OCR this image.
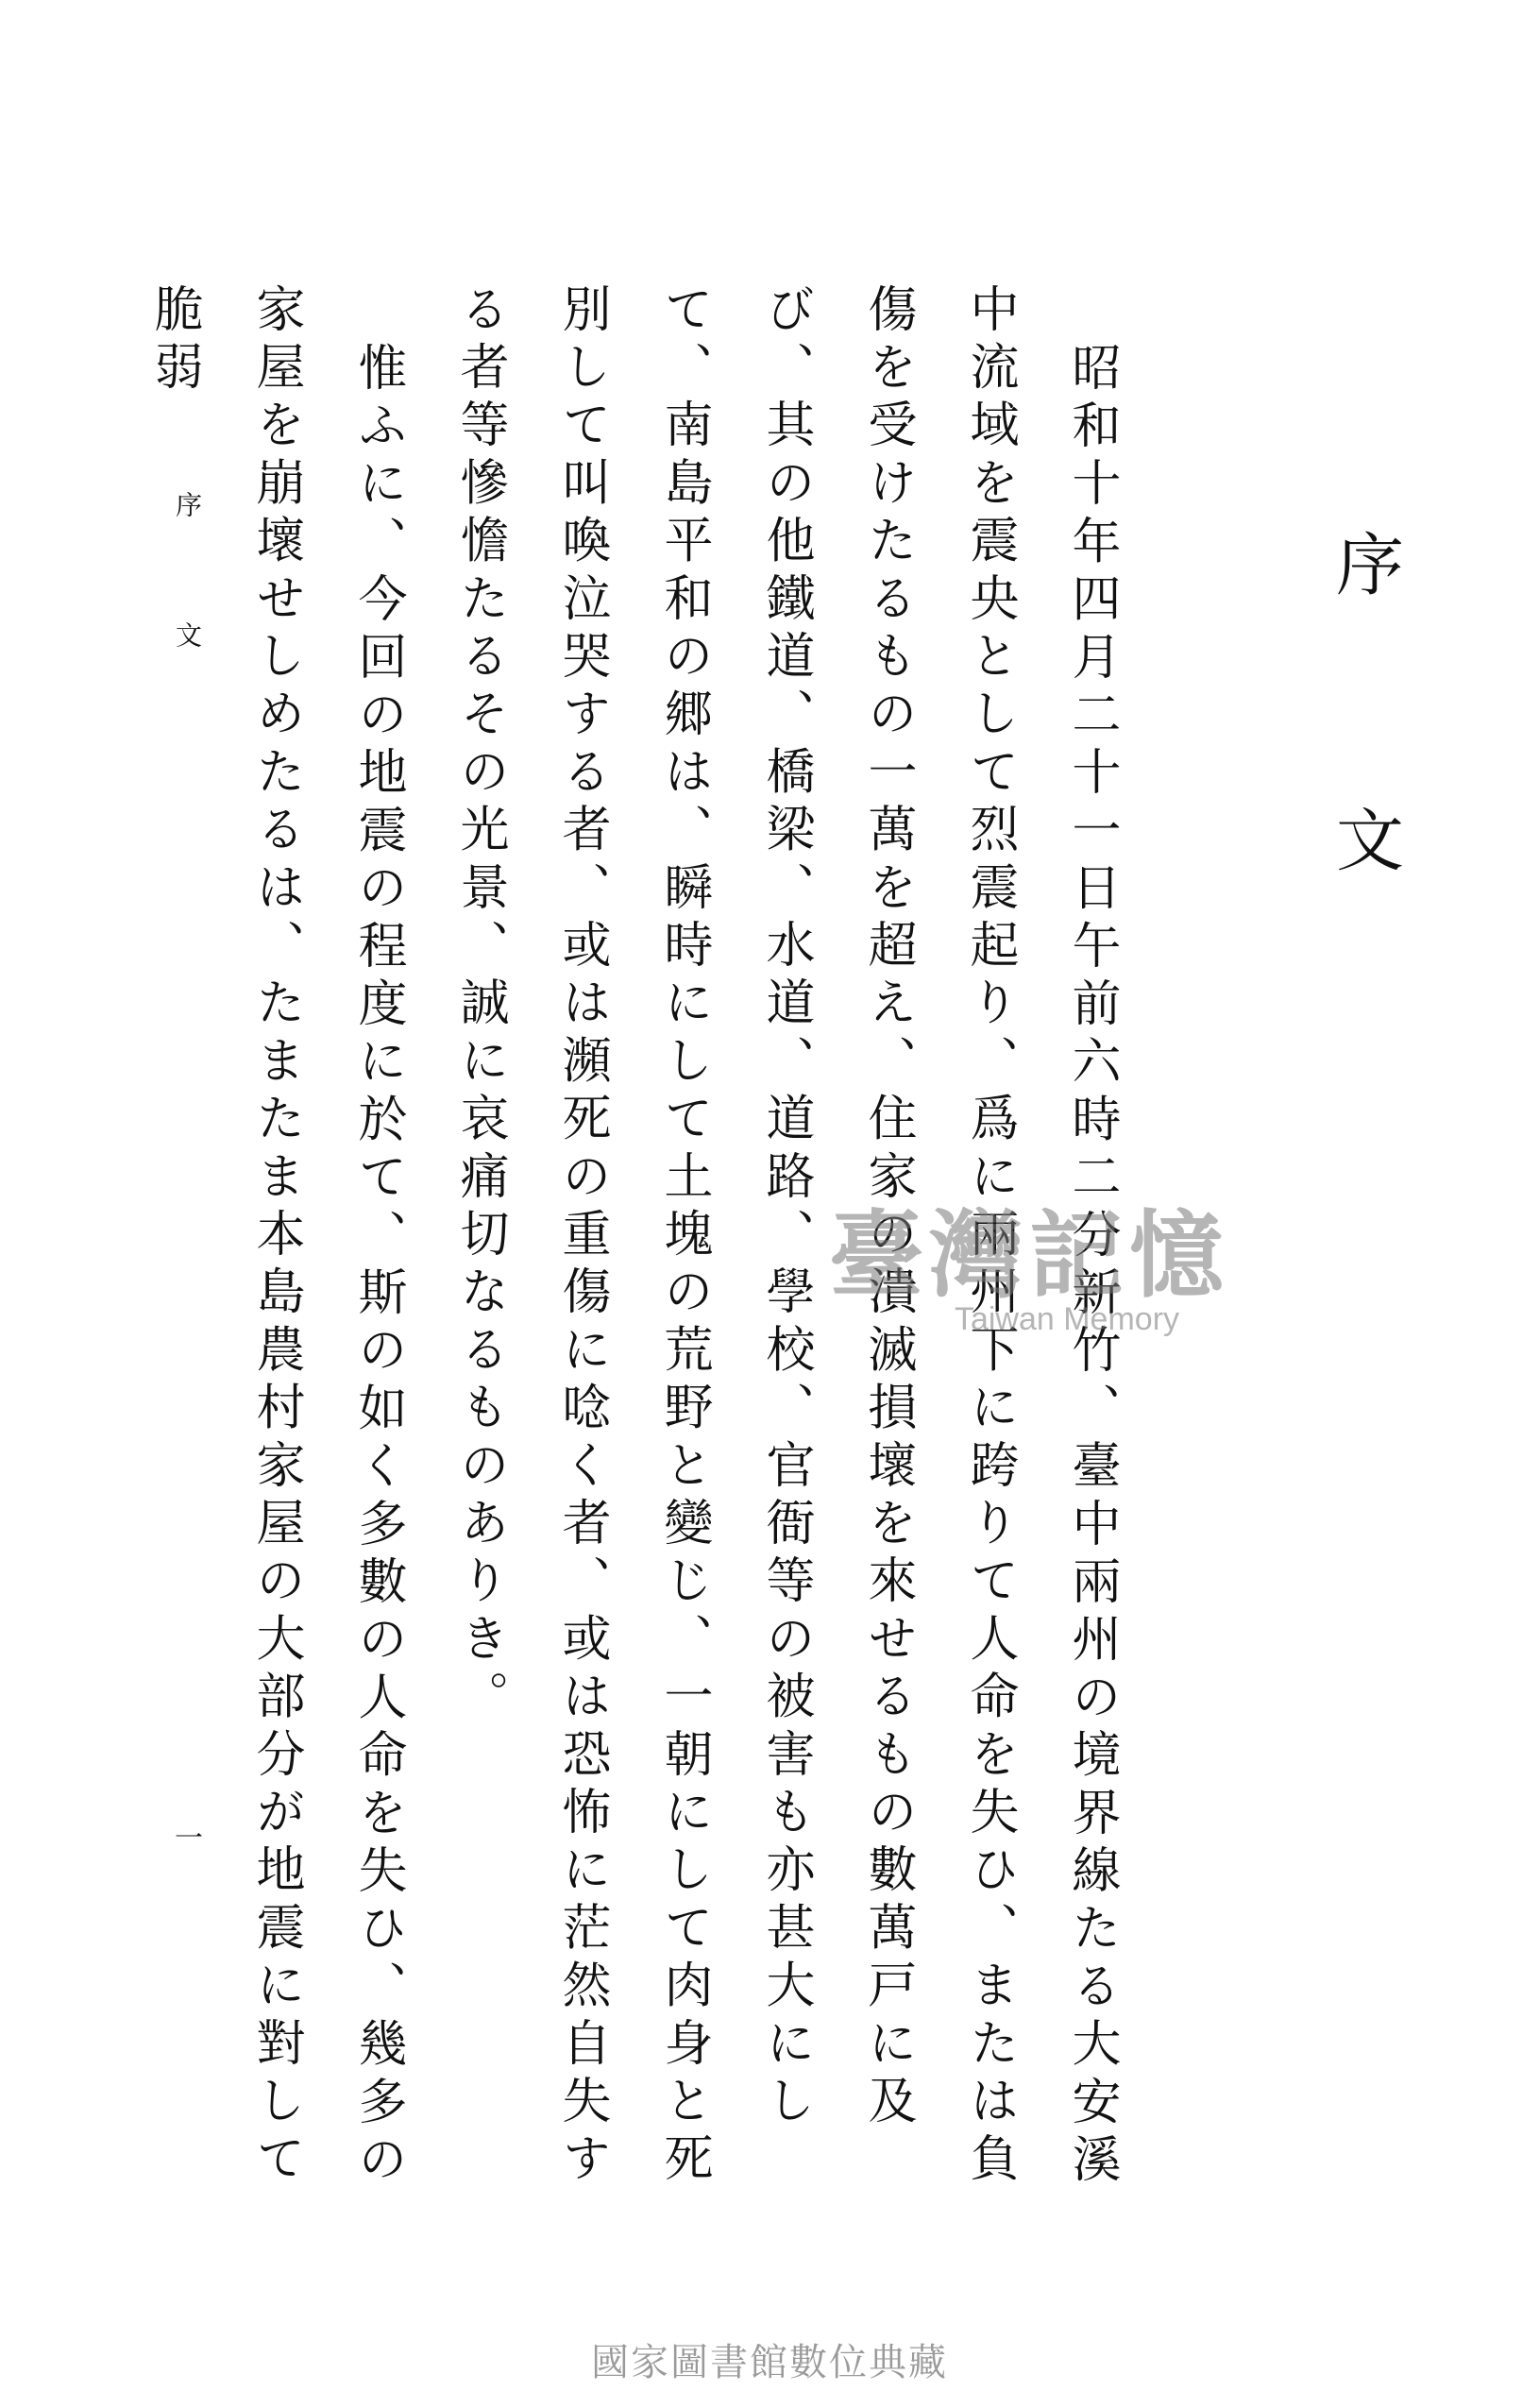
序文

昭和十年四月二十一日午前六時二分新竹、臺中兩州の境界線たる大安溪中流域を震央として烈震起り、爲に兩州下に跨りて人命を失ひ、または負傷を受けたるもの一萬を超え、住家の潰滅損壞を來せるもの數萬戸に及び、其の他鐵道、橋梁、水道、道路、學校、官衙等の被害も亦甚大にして、南島平和の郷は、瞬時にして土塊の荒野と變じ、一朝にして肉身と死別して叫喚泣哭する者、或は瀕死の重傷に唸く者、或は恐怖に茫然自失する者等慘憺たるその光景、誠に哀痛切なるものありき。

惟ふに、今回の地震の程度に於て、斯の如く多數の人命を失ひ、幾多の家屋を崩壞せしめたるは、たまたま本島農村家屋の大部分が地震に對して脆弱

序文
一
臺灣記憶
Taiwan Memory
國家圖書館數位典藏
